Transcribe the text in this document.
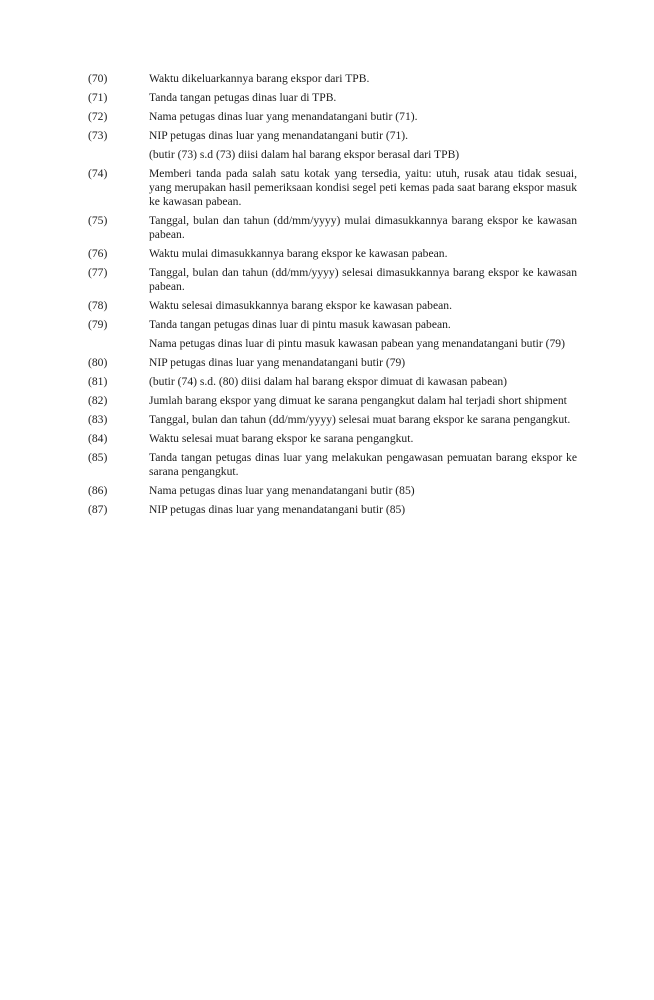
(70)	Waktu dikeluarkannya barang ekspor dari TPB.
(71)	Tanda tangan petugas dinas luar di TPB.
(72)	Nama petugas dinas luar yang menandatangani butir (71).
(73)	NIP petugas dinas luar yang menandatangani butir (71).
(butir (73) s.d (73) diisi dalam hal barang ekspor berasal dari TPB)
(74)	Memberi tanda pada salah satu kotak yang tersedia, yaitu: utuh, rusak atau tidak sesuai, yang merupakan hasil pemeriksaan kondisi segel peti kemas pada saat barang ekspor masuk ke kawasan pabean.
(75)	Tanggal, bulan dan tahun (dd/mm/yyyy) mulai dimasukkannya barang ekspor ke kawasan pabean.
(76)	Waktu mulai dimasukkannya barang ekspor ke kawasan pabean.
(77)	Tanggal, bulan dan tahun (dd/mm/yyyy) selesai dimasukkannya barang ekspor ke kawasan pabean.
(78)	Waktu selesai dimasukkannya barang ekspor ke kawasan pabean.
(79)	Tanda tangan petugas dinas luar di pintu masuk kawasan pabean.
Nama petugas dinas luar di pintu masuk kawasan pabean yang menandatangani butir (79)
(80)	NIP petugas dinas luar yang menandatangani butir (79)
(81)	(butir (74) s.d. (80) diisi dalam hal barang ekspor dimuat di kawasan pabean)
(82)	Jumlah barang ekspor yang dimuat ke sarana pengangkut dalam hal terjadi short shipment
(83)	Tanggal, bulan dan tahun (dd/mm/yyyy) selesai muat barang ekspor ke sarana pengangkut.
(84)	Waktu selesai muat barang ekspor ke sarana pengangkut.
(85)	Tanda tangan petugas dinas luar yang melakukan pengawasan pemuatan barang ekspor ke sarana pengangkut.
(86)	Nama petugas dinas luar yang menandatangani butir (85)
(87)	NIP petugas dinas luar yang menandatangani butir (85)
